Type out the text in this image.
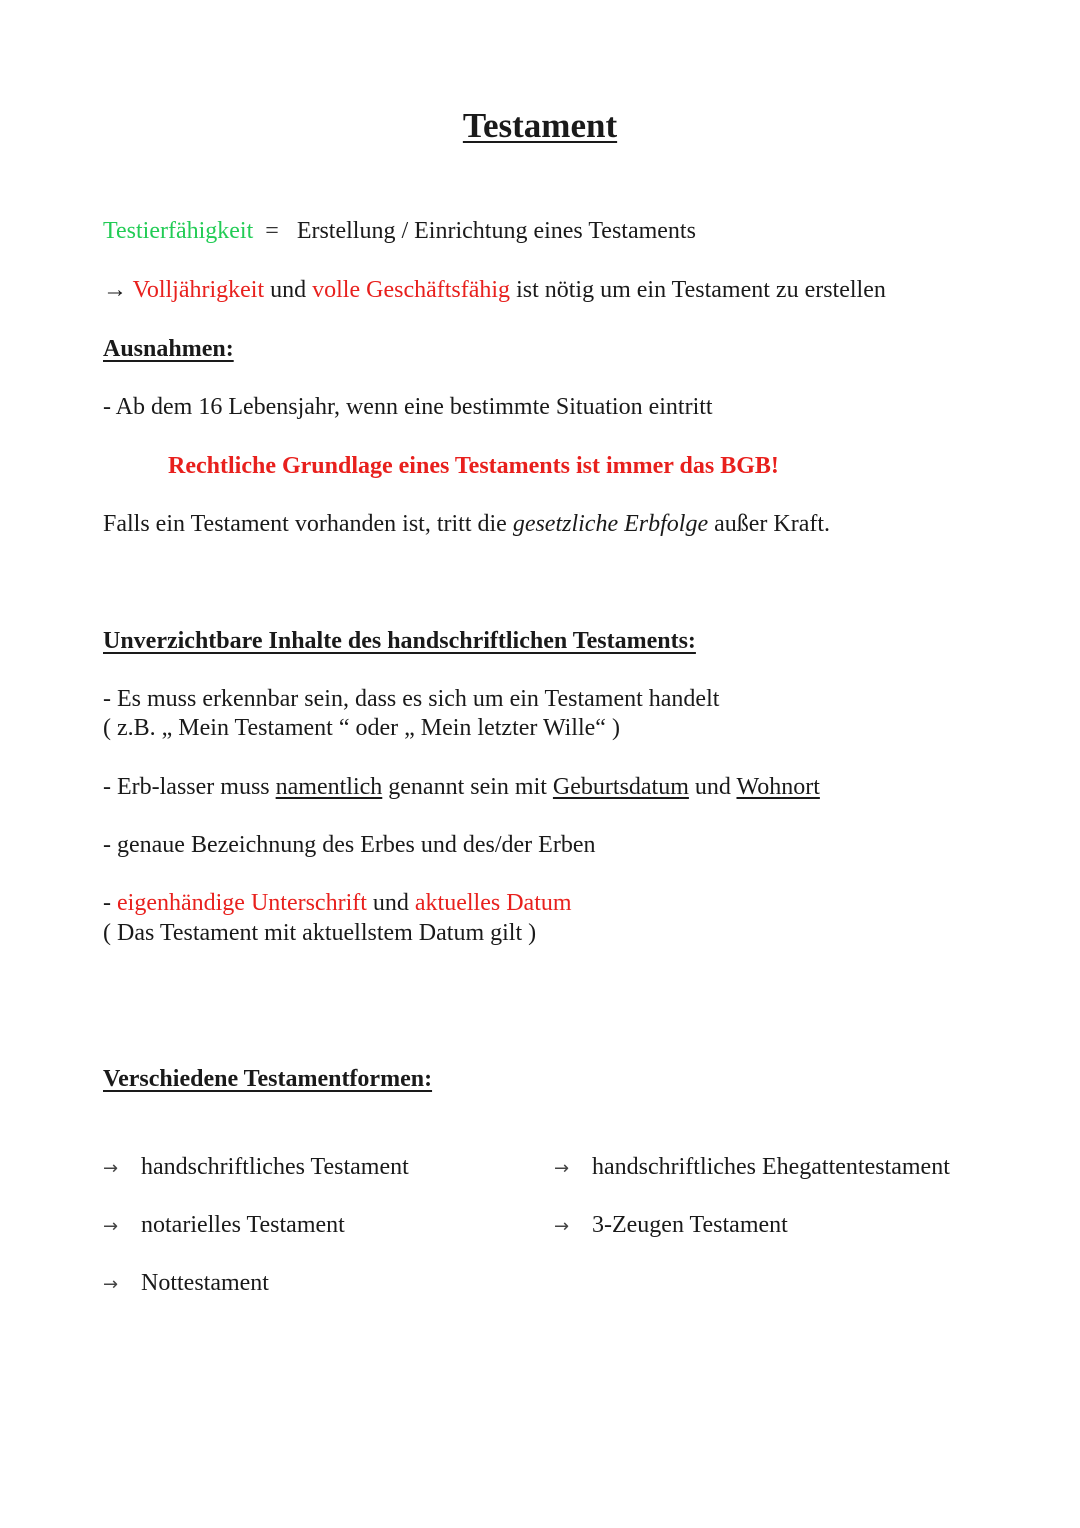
Testament
Testierfähigkeit = Erstellung / Einrichtung eines Testaments
→ Volljährigkeit und volle Geschäftsfähig ist nötig um ein Testament zu erstellen
Ausnahmen:
- Ab dem 16 Lebensjahr, wenn eine bestimmte Situation eintritt
Rechtliche Grundlage eines Testaments ist immer das BGB!
Falls ein Testament vorhanden ist, tritt die gesetzliche Erbfolge außer Kraft.
Unverzichtbare Inhalte des handschriftlichen Testaments:
- Es muss erkennbar sein, dass es sich um ein Testament handelt
( z.B. „ Mein Testament “ oder „ Mein letzter Wille“ )
- Erb-lasser muss namentlich genannt sein mit Geburtsdatum und Wohnort
- genaue Bezeichnung des Erbes und des/der Erben
- eigenhändige Unterschrift und aktuelles Datum
( Das Testament mit aktuellstem Datum gilt )
Verschiedene Testamentformen:
→ handschriftliches Testament
→ notarielles Testament
→ Nottestament
→ handschriftliches Ehegattentestament
→ 3-Zeugen Testament
